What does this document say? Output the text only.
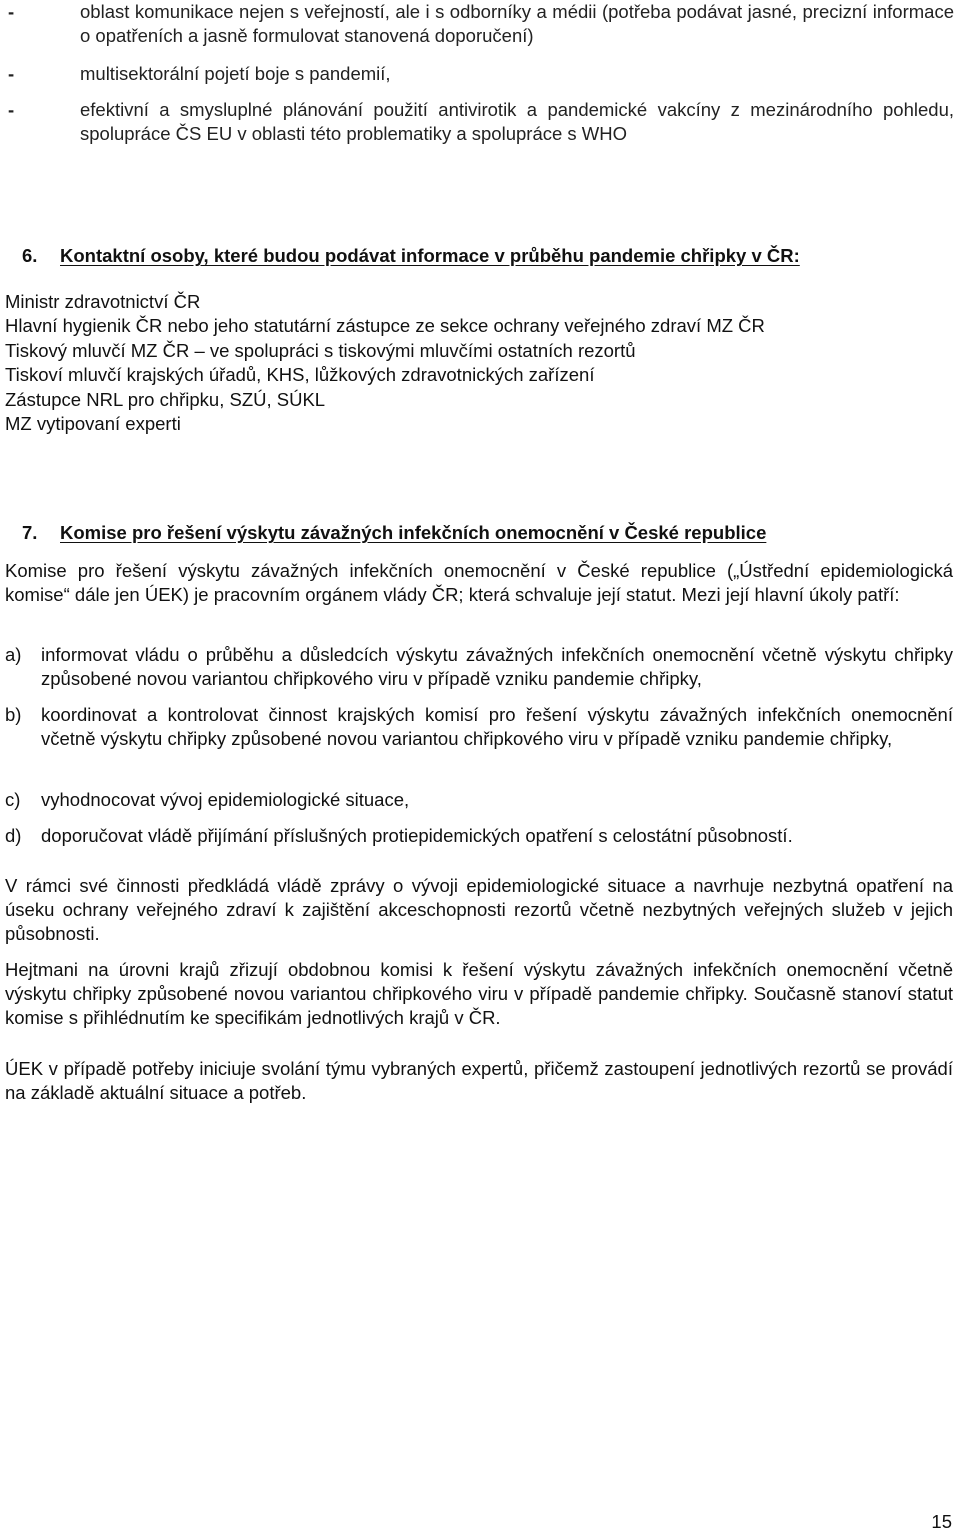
-	oblast komunikace nejen s veřejností, ale i s odborníky a médii (potřeba podávat jasné, precizní informace o opatřeních a jasně formulovat stanovená doporučení)
-	multisektorální pojetí boje s pandemií,
-	efektivní a smysluplné plánování použití antivirotik a pandemické vakcíny z mezinárodního pohledu, spolupráce ČS EU v oblasti této problematiky a spolupráce s WHO
6. Kontaktní osoby, které budou podávat informace v průběhu pandemie chřipky v ČR:
Ministr zdravotnictví ČR
Hlavní hygienik ČR nebo jeho statutární zástupce ze sekce ochrany veřejného zdraví MZ ČR
Tiskový mluvčí MZ ČR – ve spolupráci s tiskovými mluvčími ostatních rezortů
Tiskoví mluvčí krajských úřadů, KHS, lůžkových zdravotnických zařízení
Zástupce NRL pro chřipku, SZÚ, SÚKL
MZ vytipovaní experti
7. Komise pro řešení výskytu závažných infekčních onemocnění v České republice
Komise pro řešení výskytu závažných infekčních onemocnění v České republice („Ústřední epidemiologická komise“ dále jen ÚEK) je pracovním orgánem vlády ČR; která schvaluje její statut. Mezi její hlavní úkoly patří:
a) informovat vládu o průběhu a důsledcích výskytu závažných infekčních onemocnění včetně výskytu chřipky způsobené novou variantou chřipkového viru v případě vzniku pandemie chřipky,
b) koordinovat a kontrolovat činnost krajských komisí pro řešení výskytu závažných infekčních onemocnění včetně výskytu chřipky způsobené novou variantou chřipkového viru v případě vzniku pandemie chřipky,
c) vyhodnocovat vývoj epidemiologické situace,
d) doporučovat vládě přijímání příslušných protiepidemických opatření s celostátní působností.
V rámci své činnosti předkládá vládě zprávy o vývoji epidemiologické situace a navrhuje nezbytná opatření na úseku ochrany veřejného zdraví k zajištění akceschopnosti rezortů včetně nezbytných veřejných služeb v jejich působnosti.
Hejtmani na úrovni krajů zřizují obdobnou komisi k řešení výskytu závažných infekčních onemocnění včetně výskytu chřipky způsobené novou variantou chřipkového viru v případě pandemie chřipky. Současně stanoví statut komise s přihlédnutím ke specifikám jednotlivých krajů v ČR.
ÚEK v případě potřeby iniciuje svolání týmu vybraných expertů, přičemž zastoupení jednotlivých rezortů se provádí na základě aktuální situace a potřeb.
15
